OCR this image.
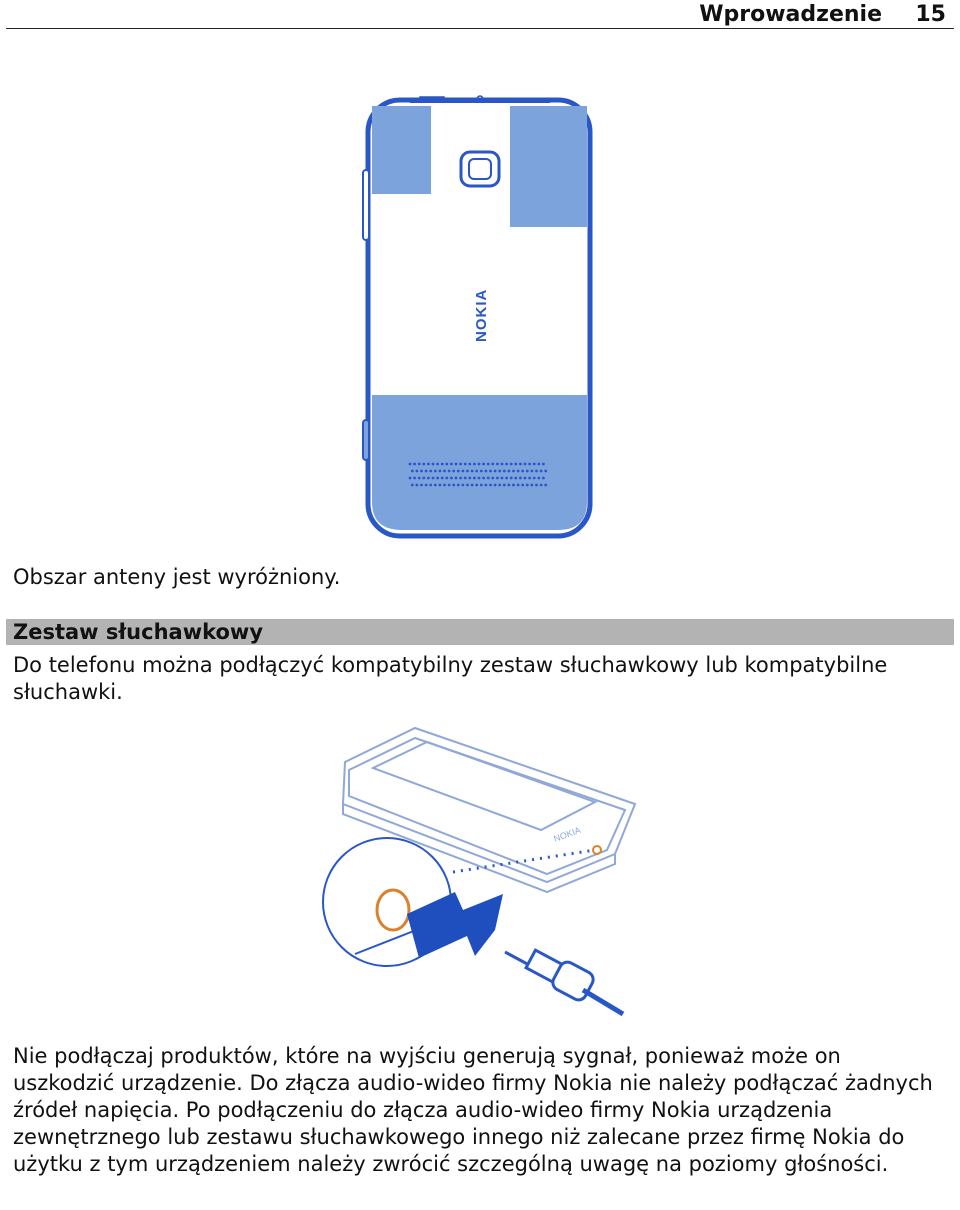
Wprowadzenie 15
NOKIA
Obszar anteny jest wyróżniony.
Zestaw słuchawkowy
Do telefonu można podłączyć kompatybilny zestaw słuchawkowy lub kompatybilne słuchawki.
NOKIA
Nie podłączaj produktów, które na wyjściu generują sygnał, ponieważ może on uszkodzić urządzenie. Do złącza audio-wideo firmy Nokia nie należy podłączać żadnych źródeł napięcia. Po podłączeniu do złącza audio-wideo firmy Nokia urządzenia zewnętrznego lub zestawu słuchawkowego innego niż zalecane przez firmę Nokia do użytku z tym urządzeniem należy zwrócić szczególną uwagę na poziomy głośności.
